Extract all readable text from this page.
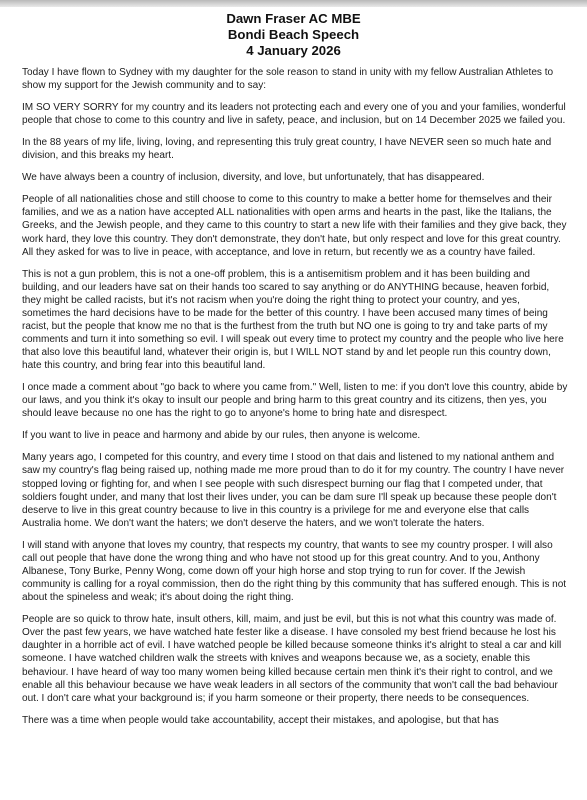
Dawn Fraser AC MBE
Bondi Beach Speech
4 January 2026

Today I have flown to Sydney with my daughter for the sole reason to stand in unity with my fellow Australian Athletes to show my support for the Jewish community and to say:

IM SO VERY SORRY for my country and its leaders not protecting each and every one of you and your families, wonderful people that chose to come to this country and live in safety, peace, and inclusion, but on 14 December 2025 we failed you.

In the 88 years of my life, living, loving, and representing this truly great country, I have NEVER seen so much hate and division, and this breaks my heart.

We have always been a country of inclusion, diversity, and love, but unfortunately, that has disappeared.

People of all nationalities chose and still choose to come to this country to make a better home for themselves and their families, and we as a nation have accepted ALL nationalities with open arms and hearts in the past, like the Italians, the Greeks, and the Jewish people, and they came to this country to start a new life with their families and they give back, they work hard, they love this country. They don't demonstrate, they don't hate, but only respect and love for this great country. All they asked for was to live in peace, with acceptance, and love in return, but recently we as a country have failed.

This is not a gun problem, this is not a one-off problem, this is a antisemitism problem and it has been building and building, and our leaders have sat on their hands too scared to say anything or do ANYTHING because, heaven forbid, they might be called racists, but it's not racism when you're doing the right thing to protect your country, and yes, sometimes the hard decisions have to be made for the better of this country. I have been accused many times of being racist, but the people that know me no that is the furthest from the truth but NO one is going to try and take parts of my comments and turn it into something so evil. I will speak out every time to protect my country and the people who live here that also love this beautiful land, whatever their origin is, but I WILL NOT stand by and let people run this country down, hate this country, and bring fear into this beautiful land.

I once made a comment about "go back to where you came from." Well, listen to me: if you don't love this country, abide by our laws, and you think it's okay to insult our people and bring harm to this great country and its citizens, then yes, you should leave because no one has the right to go to anyone's home to bring hate and disrespect.

If you want to live in peace and harmony and abide by our rules, then anyone is welcome.

Many years ago, I competed for this country, and every time I stood on that dais and listened to my national anthem and saw my country's flag being raised up, nothing made me more proud than to do it for my country. The country I have never stopped loving or fighting for, and when I see people with such disrespect burning our flag that I competed under, that soldiers fought under, and many that lost their lives under, you can be dam sure I'll speak up because these people don't deserve to live in this great country because to live in this country is a privilege for me and everyone else that calls Australia home. We don't want the haters; we don't deserve the haters, and we won't tolerate the haters.

I will stand with anyone that loves my country, that respects my country, that wants to see my country prosper. I will also call out people that have done the wrong thing and who have not stood up for this great country. And to you, Anthony Albanese, Tony Burke, Penny Wong, come down off your high horse and stop trying to run for cover. If the Jewish community is calling for a royal commission, then do the right thing by this community that has suffered enough. This is not about the spineless and weak; it's about doing the right thing.

People are so quick to throw hate, insult others, kill, maim, and just be evil, but this is not what this country was made of. Over the past few years, we have watched hate fester like a disease. I have consoled my best friend because he lost his daughter in a horrible act of evil. I have watched people be killed because someone thinks it's alright to steal a car and kill someone. I have watched children walk the streets with knives and weapons because we, as a society, enable this behaviour. I have heard of way too many women being killed because certain men think it's their right to control, and we enable all this behaviour because we have weak leaders in all sectors of the community that won't call the bad behaviour out. I don't care what your background is; if you harm someone or their property, there needs to be consequences.

There was a time when people would take accountability, accept their mistakes, and apologise, but that has
